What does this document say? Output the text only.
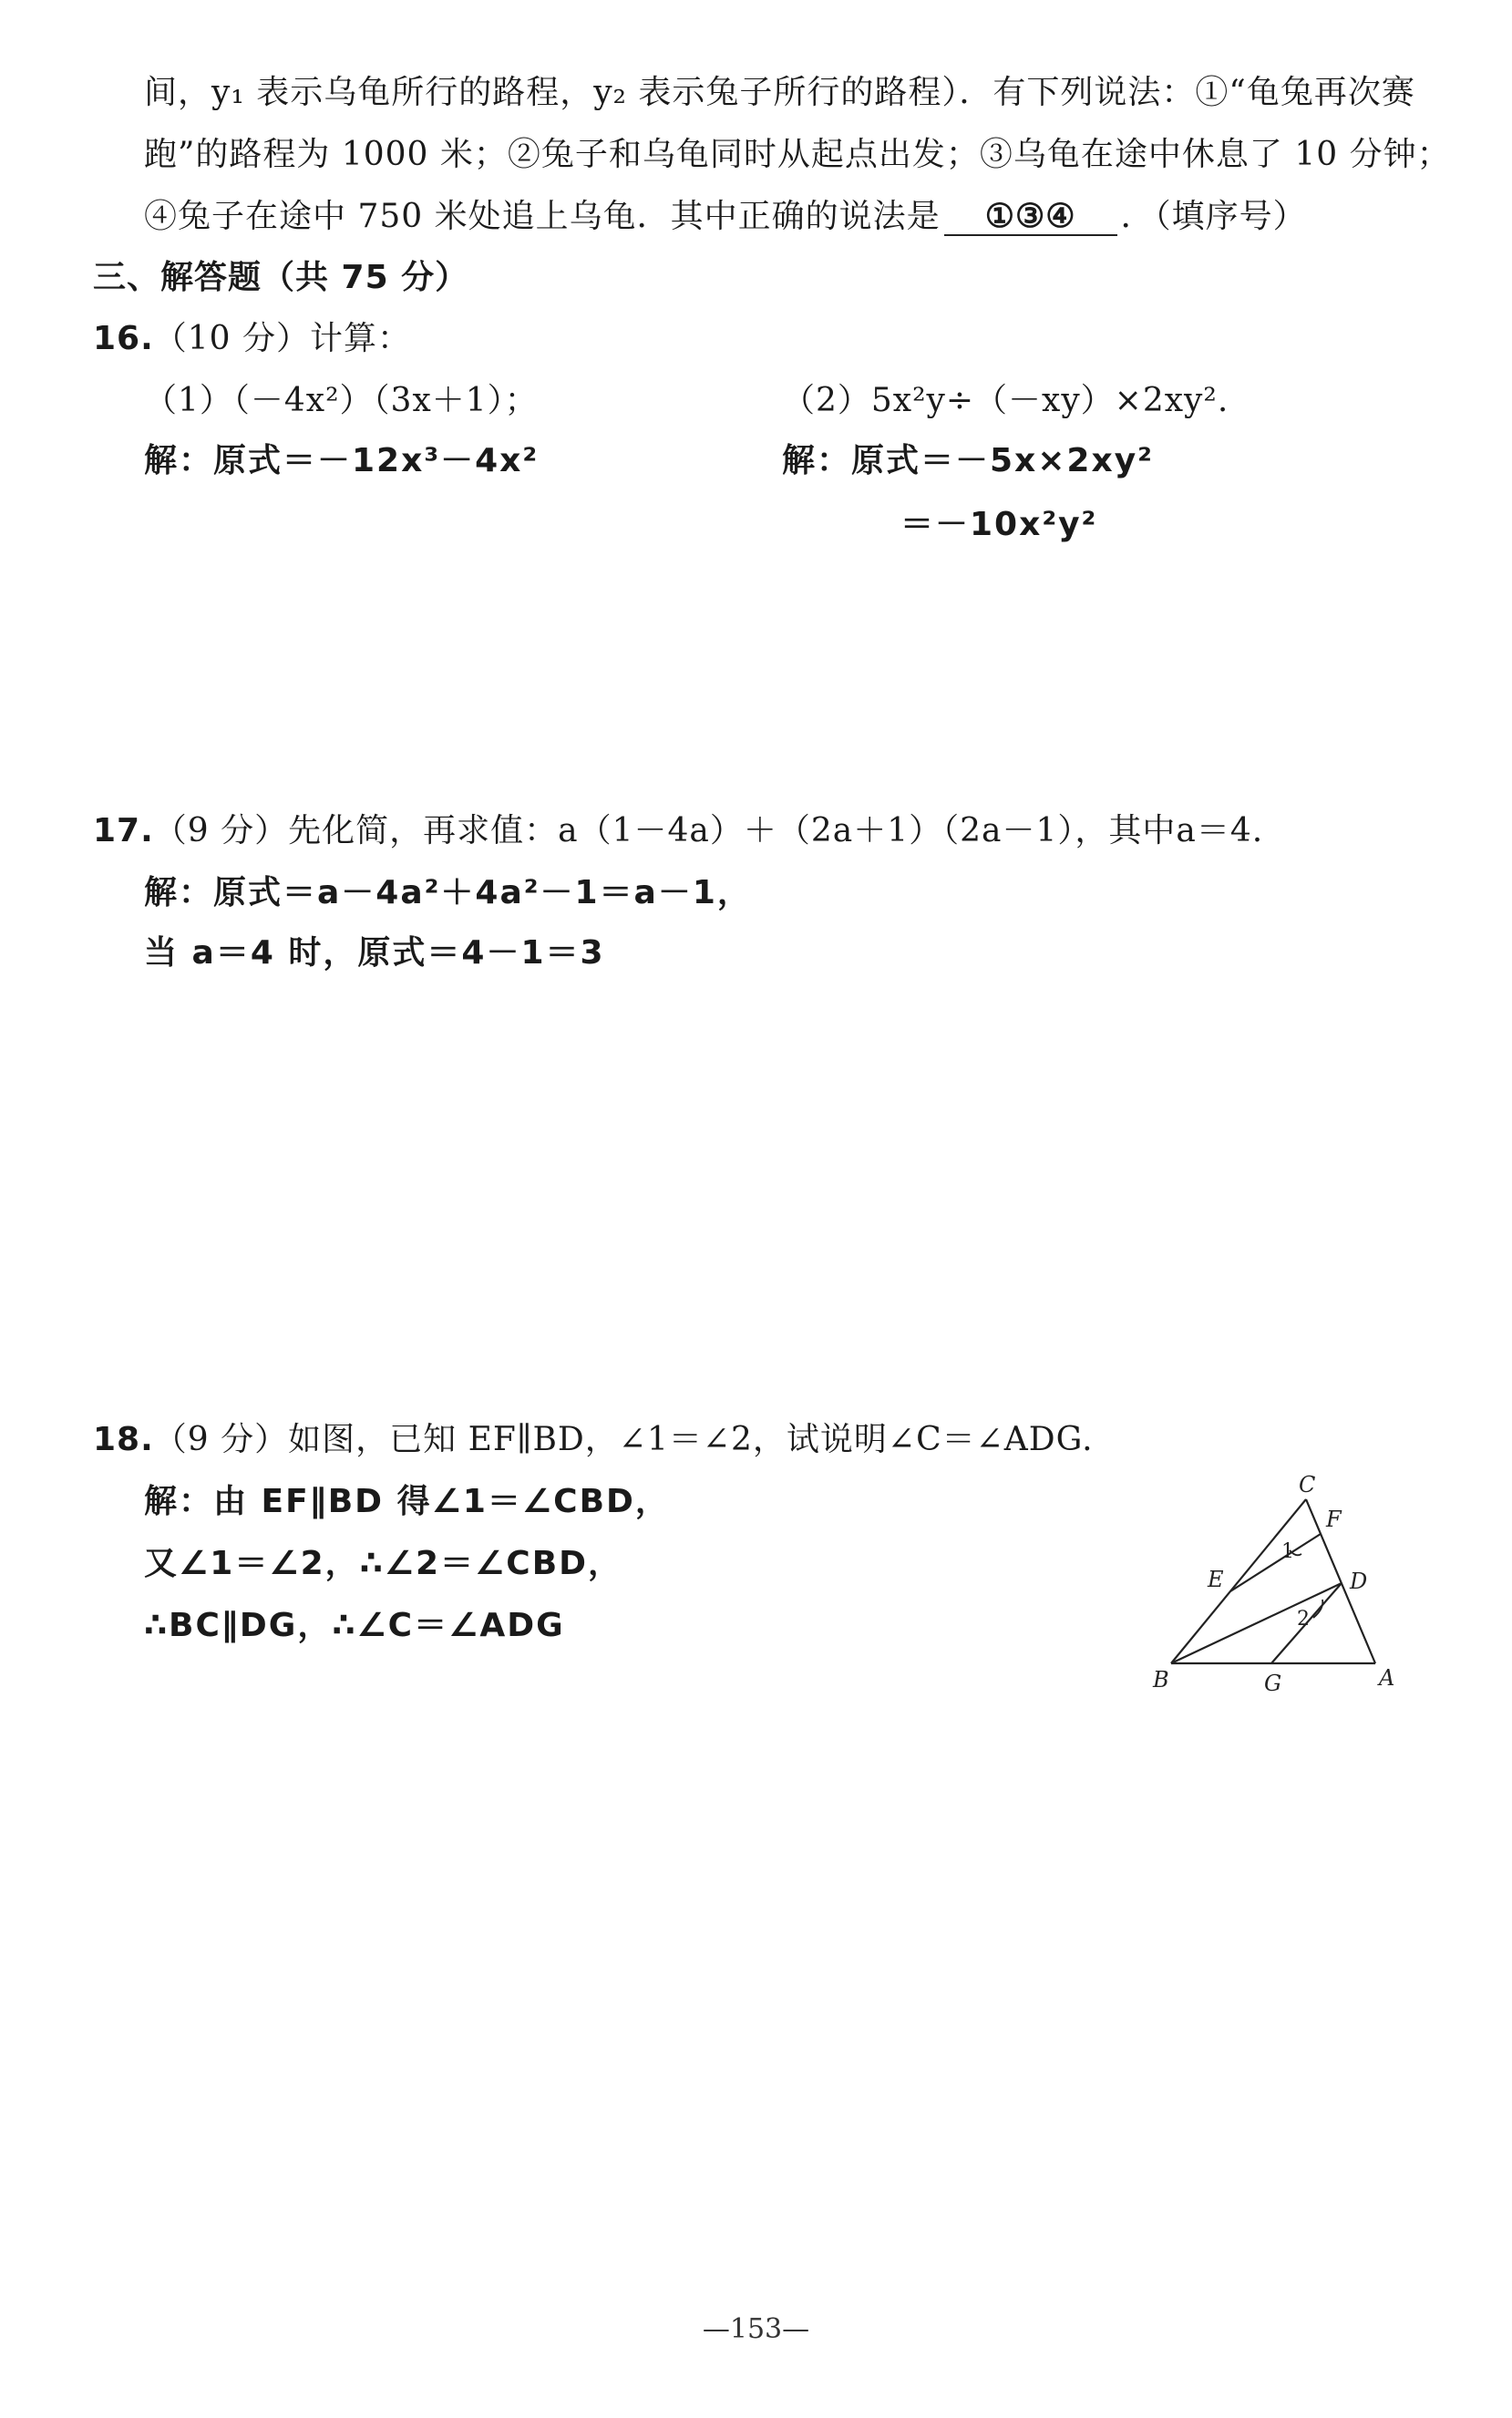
间，y₁ 表示乌龟所行的路程，y₂ 表示兔子所行的路程）．有下列说法：①“龟兔再次赛
跑”的路程为 1000 米；②兔子和乌龟同时从起点出发；③乌龟在途中休息了 10 分钟；
④兔子在途中 750 米处追上乌龟．其中正确的说法是 ①③④ ．（填序号）
三、解答题（共 75 分）
16.（10 分）计算：
（1）（－4x²）（3x＋1）；	（2）5x²y÷（－xy）×2xy².
解：原式＝－12x³－4x²	解：原式＝－5x×2xy²
＝－10x²y²
17.（9 分）先化简，再求值：a（1－4a）＋（2a＋1）（2a－1），其中a＝4.
解：原式＝a－4a²＋4a²－1＝a－1，
当 a＝4 时，原式＝4－1＝3
18.（9 分）如图，已知 EF∥BD，∠1＝∠2，试说明∠C＝∠ADG.
解：由 EF∥BD 得∠1＝∠CBD，
又∠1＝∠2，∴∠2＝∠CBD，
∴BC∥DG，∴∠C＝∠ADG
C
F
E	D
B	G	A
1
2
—153—
